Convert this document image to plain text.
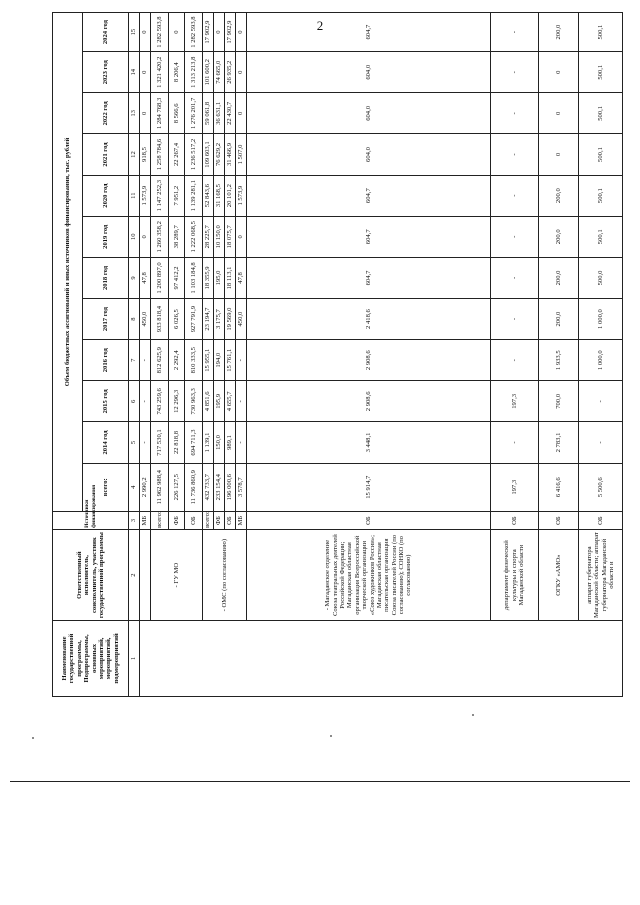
2
Наименование государственной программы, Подпрограммы, основных мероприятий, мероприятий, подмероприятий	Ответственный исполнитель, соисполнитель, участник государственной программы	Источники финансирования	Объем бюджетных ассигнований и иных источников финансирования, тыс. рублей											
			всего:	2014 год	2015 год	2016 год	2017 год	2018 год	2019 год	2020 год	2021 год	2022 год	2023 год	2024 год
1	2	3	4	5	6	7	8	9	10	11	12	13	14	15
		МБ	2 990,2	-	-	-	450,0	47,8	0	1 573,9	918,5	0	0	0
	- ГУ МО	всего:	11 962 988,4	717 530,1	743 259,6	812 625,9	933 818,4	1 200 897,0	1 260 358,2	1 147 252,3	1 258 784,6	1 284 768,3	1 321 420,2	1 282 593,8
		ФБ	226 127,5	22 818,8	12 296,3	2 292,4	6 026,5	97 412,2	38 289,7	7 951,2	22 267,4	8 566,6	8 206,4	0
		ОБ	11 736 860,9	694 711,3	730 963,3	810 333,5	927 791,9	1 103 184,8	1 222 068,5	1 139 281,1	1 236 517,2	1 276 201,7	1 313 213,8	1 282 593,8
	- ОМС (по согласованию)	всего:	432 733,7	1 139,1	4 851,6	15 955,1	23 194,7	18 355,9	28 225,7	52 843,6	109 603,1	59 061,8	101 600,2	17 902,9
		ФБ	233 154,4	150,0	195,9	194,0	3 175,7	195,0	10 150,0	31 168,5	76 629,2	36 631,1	74 665,0	0
		ОБ	196 000,6	989,1	4 655,7	15 761,1	19 569,0	18 113,1	18 075,7	20 101,2	31 466,9	22 430,7	26 935,2	17 902,9
		МБ	3 578,7	-	-	-	450,0	47,8	0	1 573,9	1 507,0	0	0	0
	- Магаданское отделение Союза театральных деятелей Российской Федерации; Магаданская областная организация Всероссийской творческой организации «Союз художников России»; Магаданская областная писательская организация Союза писателей России (по согласованию); СОНКО (по согласованию)	ОБ	15 914,7	3 448,1	2 908,6	2 908,6	2 418,6	604,7	604,7	604,7	604,0	604,0	604,0	604,7
	департамент физической культуры и спорта Магаданской области	ОБ	197,3	-	197,3	-	-	-	-	-	-	-	-	-
	ОГКУ «АМО»	ОБ	6 416,6	2 783,1	700,0	1 933,5	200,0	200,0	200,0	200,0	0	0	0	200,0
	аппарат губернатора Магаданской области; аппарат губернатора Магаданской области и	ОБ	5 500,6	-	-	1 000,0	1 000,0	500,0	500,1	500,1	500,1	500,1	500,1	500,1
